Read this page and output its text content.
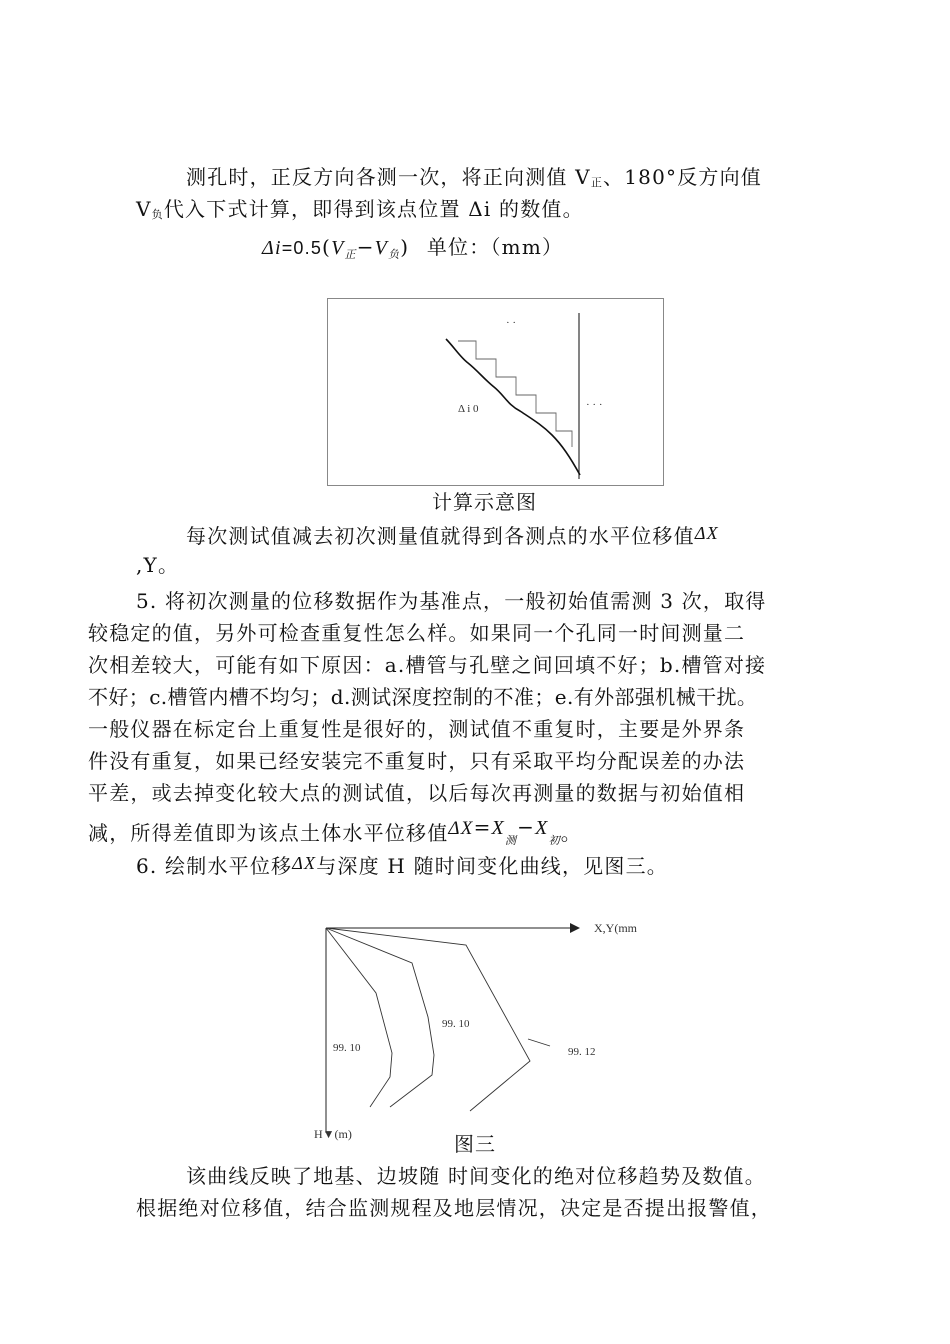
测孔时，正反方向各测一次，将正向测值 V正、180°反方向值
V负代入下式计算，即得到该点位置 Δi 的数值。
$\Delta i=0.5(V_正-V_负)$ 单位：（mm）
· ·
Δ i 0	· · ·
计算示意图
每次测试值减去初次测量值就得到各测点的水平位移值ΔX
,Y。
5. 将初次测量的位移数据作为基准点，一般初始值需测 3 次，取得
较稳定的值，另外可检查重复性怎么样。如果同一个孔同一时间测量二
次相差较大，可能有如下原因：a.槽管与孔壁之间回填不好；b.槽管对接
不好；c.槽管内槽不均匀；d.测试深度控制的不准；e.有外部强机械干扰。
一般仪器在标定台上重复性是很好的，测试值不重复时，主要是外界条
件没有重复，如果已经安装完不重复时，只有采取平均分配误差的办法
平差，或去掉变化较大点的测试值，以后每次再测量的数据与初始值相
减，所得差值即为该点土体水平位移值$\Delta X=X_测-X_初$。
6. 绘制水平位移ΔX与深度 H 随时间变化曲线，见图三。
X,Y(mm
99. 10
99. 10
99. 12
H▼(m)	图三
该曲线反映了地基、边坡随 时间变化的绝对位移趋势及数值。
根据绝对位移值，结合监测规程及地层情况，决定是否提出报警值，
